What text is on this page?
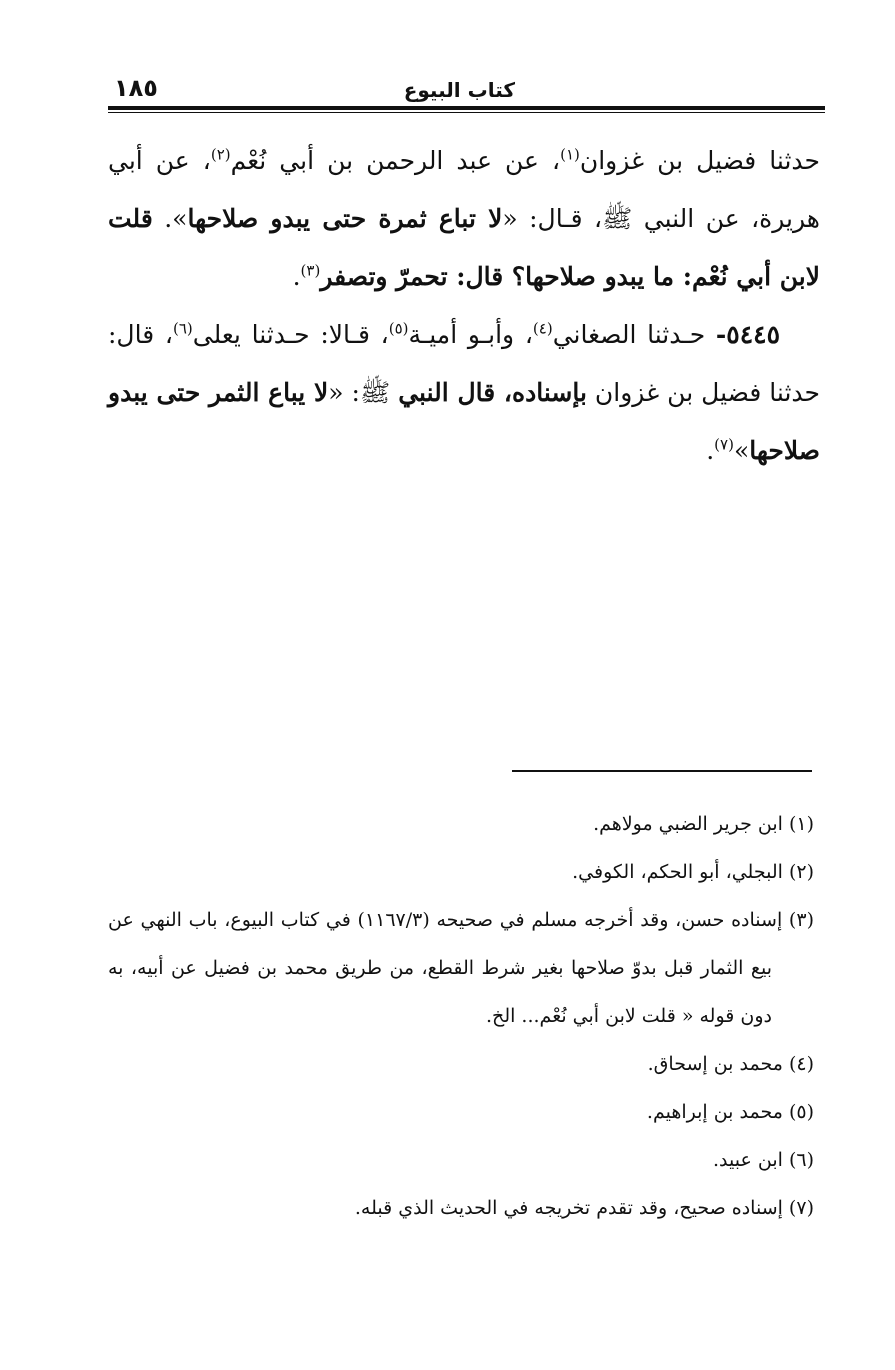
كتاب البيوع
١٨٥

حدثنا فضيل بن غزوان$^{(١)}$، عن عبد الرحمن بن أبي نُعْم$^{(٢)}$، عن أبي هريرة، عن النبي ﷺ، قـال: «لا تباع ثمرة حتى يبدو صلاحها». قلت لابن أبي نُعْم: ما يبدو صلاحها؟ قال: تحمرّ وتصفر$^{(٣)}$.

٥٤٤٥- حـدثنا الصغاني$^{(٤)}$، وأبـو أميـة$^{(٥)}$، قـالا: حـدثنا يعلى$^{(٦)}$، قال: حدثنا فضيل بن غزوان بإسناده، قال النبي ﷺ: «لا يباع الثمر حتى يبدو صلاحها»$^{(٧)}$.

(١) ابن جرير الضبي مولاهم.

(٢) البجلي، أبو الحكم، الكوفي.

(٣) إسناده حسن، وقد أخرجه مسلم في صحيحه (١١٦٧/٣) في كتاب البيوع، باب النهي عن بيع الثمار قبل بدوّ صلاحها بغير شرط القطع، من طريق محمد بن فضيل عن أبيه، به دون قوله « قلت لابن أبي نُعْم... الخ.

(٤) محمد بن إسحاق.

(٥) محمد بن إبراهيم.

(٦) ابن عبيد.

(٧) إسناده صحيح، وقد تقدم تخريجه في الحديث الذي قبله.
